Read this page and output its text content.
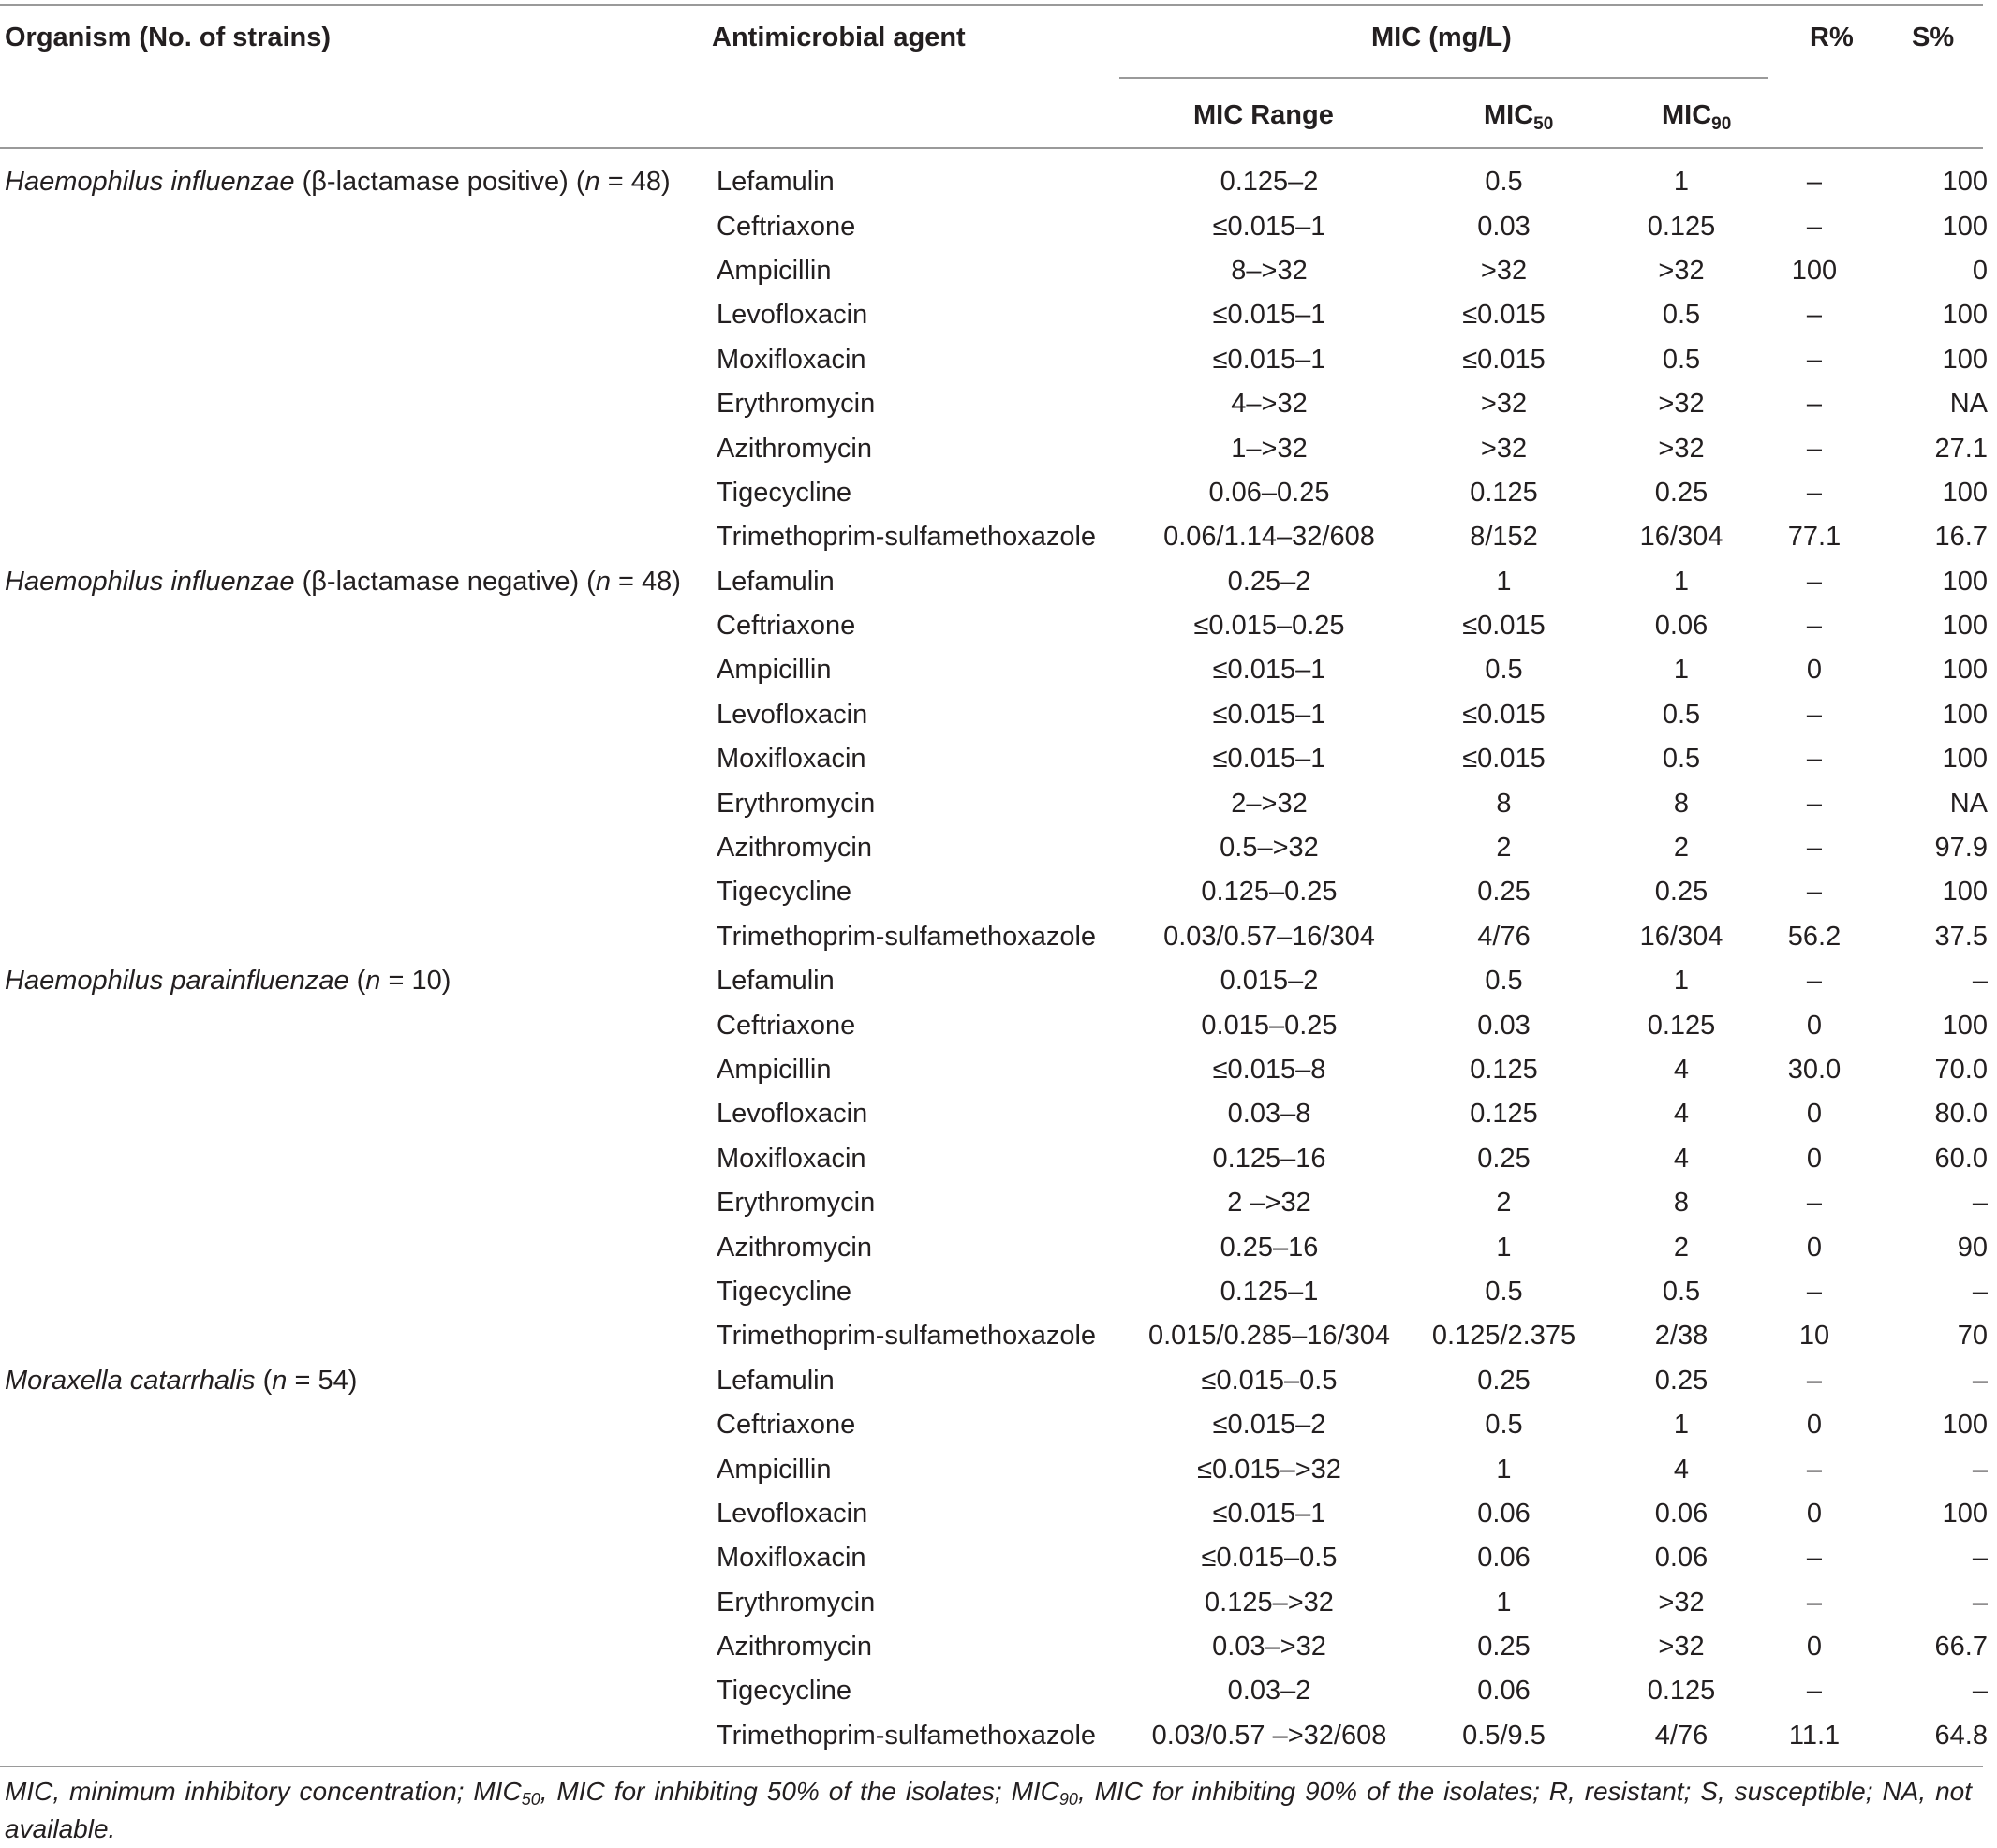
Organism (No. of strains)	Antimicrobial agent	MIC (mg/L)	R% S%
MIC Range	$MIC_{50}$	$MIC_{90}$
Haemophilus influenzae (β-lactamase positive) (n = 48)	Lefamulin	0.125–2	0.5	1	–	100
	Ceftriaxone	≤0.015–1	0.03	0.125	–	100
	Ampicillin	8–>32	>32	>32	100	0
	Levofloxacin	≤0.015–1	≤0.015	0.5	–	100
	Moxifloxacin	≤0.015–1	≤0.015	0.5	–	100
	Erythromycin	4–>32	>32	>32	–	NA
	Azithromycin	1–>32	>32	>32	–	27.1
	Tigecycline	0.06–0.25	0.125	0.25	–	100
	Trimethoprim-sulfamethoxazole	0.06/1.14–32/608	8/152	16/304	77.1	16.7
Haemophilus influenzae (β-lactamase negative) (n = 48)	Lefamulin	0.25–2	1	1	–	100
	Ceftriaxone	≤0.015–0.25	≤0.015	0.06	–	100
	Ampicillin	≤0.015–1	0.5	1	0	100
	Levofloxacin	≤0.015–1	≤0.015	0.5	–	100
	Moxifloxacin	≤0.015–1	≤0.015	0.5	–	100
	Erythromycin	2–>32	8	8	–	NA
	Azithromycin	0.5–>32	2	2	–	97.9
	Tigecycline	0.125–0.25	0.25	0.25	–	100
	Trimethoprim-sulfamethoxazole	0.03/0.57–16/304	4/76	16/304	56.2	37.5
Haemophilus parainfluenzae (n = 10)	Lefamulin	0.015–2	0.5	1	–	–
	Ceftriaxone	0.015–0.25	0.03	0.125	0	100
	Ampicillin	≤0.015–8	0.125	4	30.0	70.0
	Levofloxacin	0.03–8	0.125	4	0	80.0
	Moxifloxacin	0.125–16	0.25	4	0	60.0
	Erythromycin	2 –>32	2	8	–	–
	Azithromycin	0.25–16	1	2	0	90
	Tigecycline	0.125–1	0.5	0.5	–	–
	Trimethoprim-sulfamethoxazole	0.015/0.285–16/304	0.125/2.375	2/38	10	70
Moraxella catarrhalis (n = 54)	Lefamulin	≤0.015–0.5	0.25	0.25	–	–
	Ceftriaxone	≤0.015–2	0.5	1	0	100
	Ampicillin	≤0.015–>32	1	4	–	–
	Levofloxacin	≤0.015–1	0.06	0.06	0	100
	Moxifloxacin	≤0.015–0.5	0.06	0.06	–	–
	Erythromycin	0.125–>32	1	>32	–	–
	Azithromycin	0.03–>32	0.25	>32	0	66.7
	Tigecycline	0.03–2	0.06	0.125	–	–
	Trimethoprim-sulfamethoxazole	0.03/0.57 –>32/608	0.5/9.5	4/76	11.1	64.8
MIC, minimum inhibitory concentration; $MIC_{50}$, MIC for inhibiting 50% of the isolates; $MIC_{90}$, MIC for inhibiting 90% of the isolates; R, resistant; S, susceptible; NA, not available.
